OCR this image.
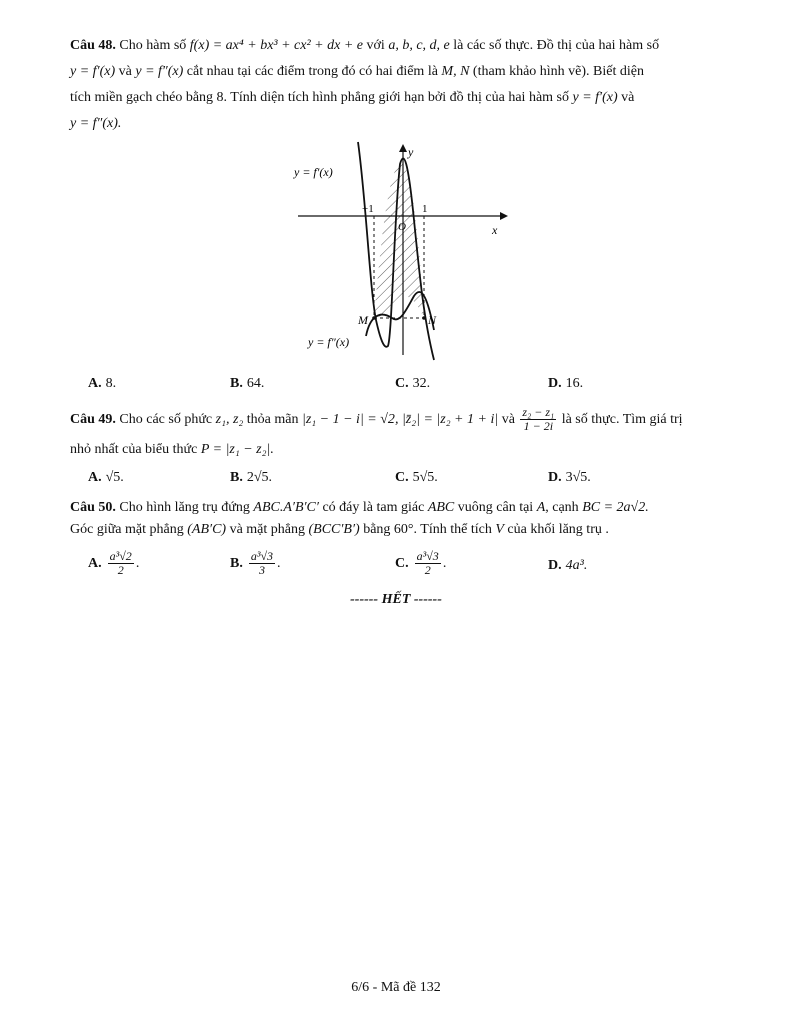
Câu 48. Cho hàm số f(x) = ax⁴ + bx³ + cx² + dx + e với a, b, c, d, e là các số thực. Đồ thị của hai hàm số
y = f′(x) và y = f″(x) cắt nhau tại các điểm trong đó có hai điểm là M, N (tham khảo hình vẽ). Biết diện
tích miền gạch chéo bằng 8. Tính diện tích hình phẳng giới hạn bởi đồ thị của hai hàm số y = f′(x) và
y = f″(x).
y = f′(x)
y = f″(x)
y
x
−1	1
O
M	N
A. 8.	B. 64.	C. 32.	D. 16.
Câu 49. Cho các số phức z₁, z₂ thỏa mãn |z₁ − 1 − i| = √2, |z̄₂| = |z₂ + 1 + i| và $\frac{\text{z₂ − z₁}}{1 - 2i}$ là số thực. Tìm giá trị
nhỏ nhất của biểu thức P = |z₁ − z₂|.
A. √5.	B. 2√5.	C. 5√5.	D. 3√5.
Câu 50. Cho hình lăng trụ đứng ABC.A′B′C′ có đáy là tam giác ABC vuông cân tại A, cạnh BC = 2a√2.
Góc giữa mặt phẳng (AB′C) và mặt phẳng (BCC′B′) bằng 60°. Tính thể tích V của khối lăng trụ .
A. $\frac{\text{a³√2}}{2}$ .	B. $\frac{\text{a³√3}}{3}$ .	C. $\frac{\text{a³√3}}{2}$ .	D. 4a³.
------ HẾT ------
6/6 - Mã đề 132
